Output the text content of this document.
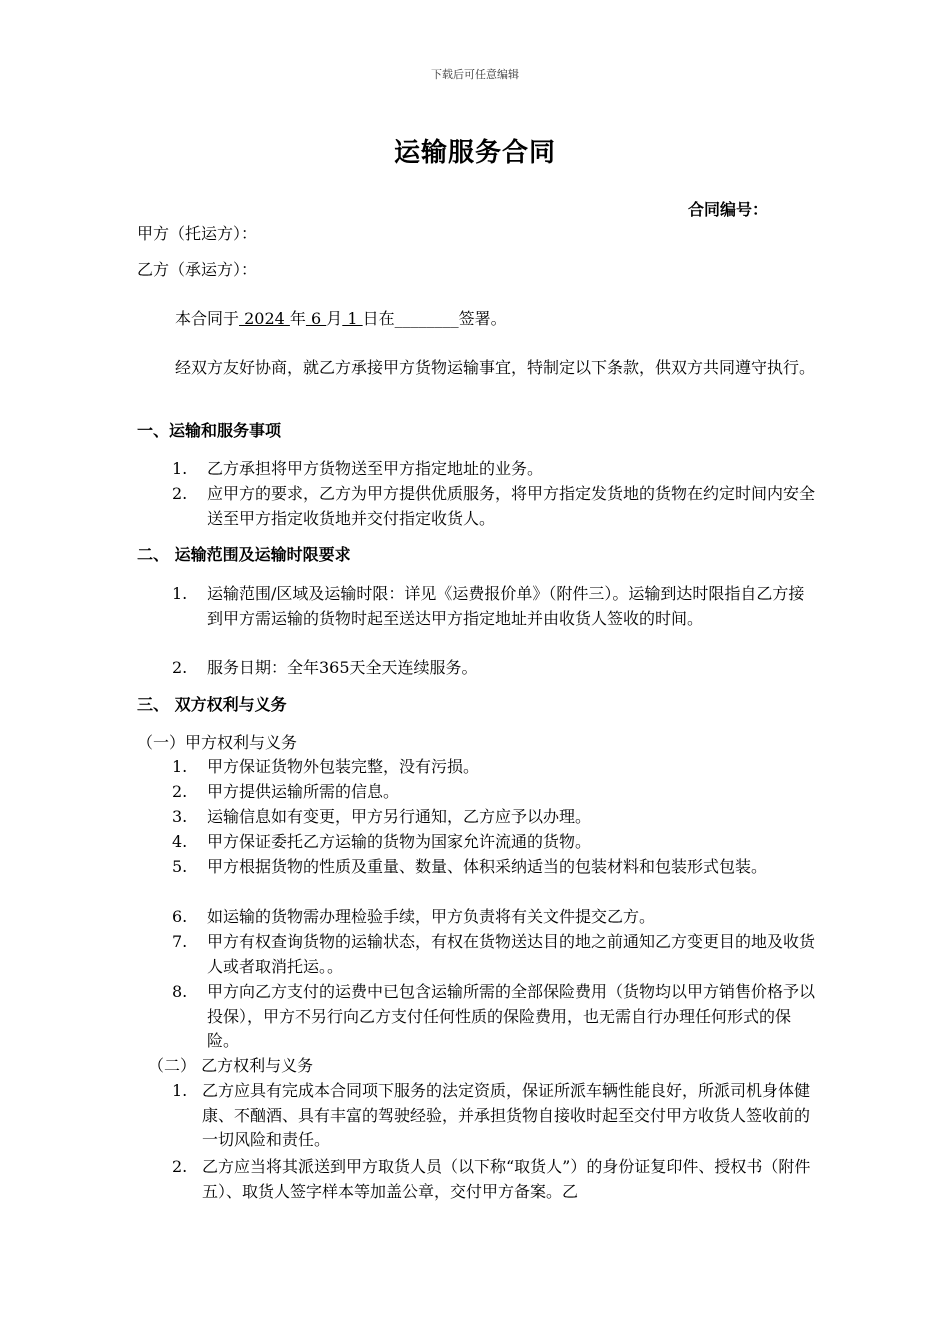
下载后可任意编辑
运输服务合同
合同编号：
甲方（托运方）：
乙方（承运方）：
本合同于 2024 年 6 月 1 日在________签署。
经双方友好协商，就乙方承接甲方货物运输事宜，特制定以下条款，供双方共同遵守执行。
一、运输和服务事项
1. 乙方承担将甲方货物送至甲方指定地址的业务。
2. 应甲方的要求，乙方为甲方提供优质服务，将甲方指定发货地的货物在约定时间内安全送至甲方指定收货地并交付指定收货人。
二、 运输范围及运输时限要求
1. 运输范围/区域及运输时限：详见《运费报价单》（附件三）。运输到达时限指自乙方接到甲方需运输的货物时起至送达甲方指定地址并由收货人签收的时间。
2. 服务日期：全年365天全天连续服务。
三、 双方权利与义务
（一）甲方权利与义务
1. 甲方保证货物外包装完整，没有污损。
2. 甲方提供运输所需的信息。
3. 运输信息如有变更，甲方另行通知，乙方应予以办理。
4. 甲方保证委托乙方运输的货物为国家允许流通的货物。
5. 甲方根据货物的性质及重量、数量、体积采纳适当的包装材料和包装形式包装。
6. 如运输的货物需办理检验手续，甲方负责将有关文件提交乙方。
7. 甲方有权查询货物的运输状态，有权在货物送达目的地之前通知乙方变更目的地及收货人或者取消托运。。
8. 甲方向乙方支付的运费中已包含运输所需的全部保险费用（货物均以甲方销售价格予以投保），甲方不另行向乙方支付任何性质的保险费用，也无需自行办理任何形式的保险。
（二） 乙方权利与义务
1. 乙方应具有完成本合同项下服务的法定资质，保证所派车辆性能良好，所派司机身体健康、不酗酒、具有丰富的驾驶经验，并承担货物自接收时起至交付甲方收货人签收前的一切风险和责任。
2. 乙方应当将其派送到甲方取货人员（以下称“取货人”）的身份证复印件、授权书（附件五）、取货人签字样本等加盖公章，交付甲方备案。乙
